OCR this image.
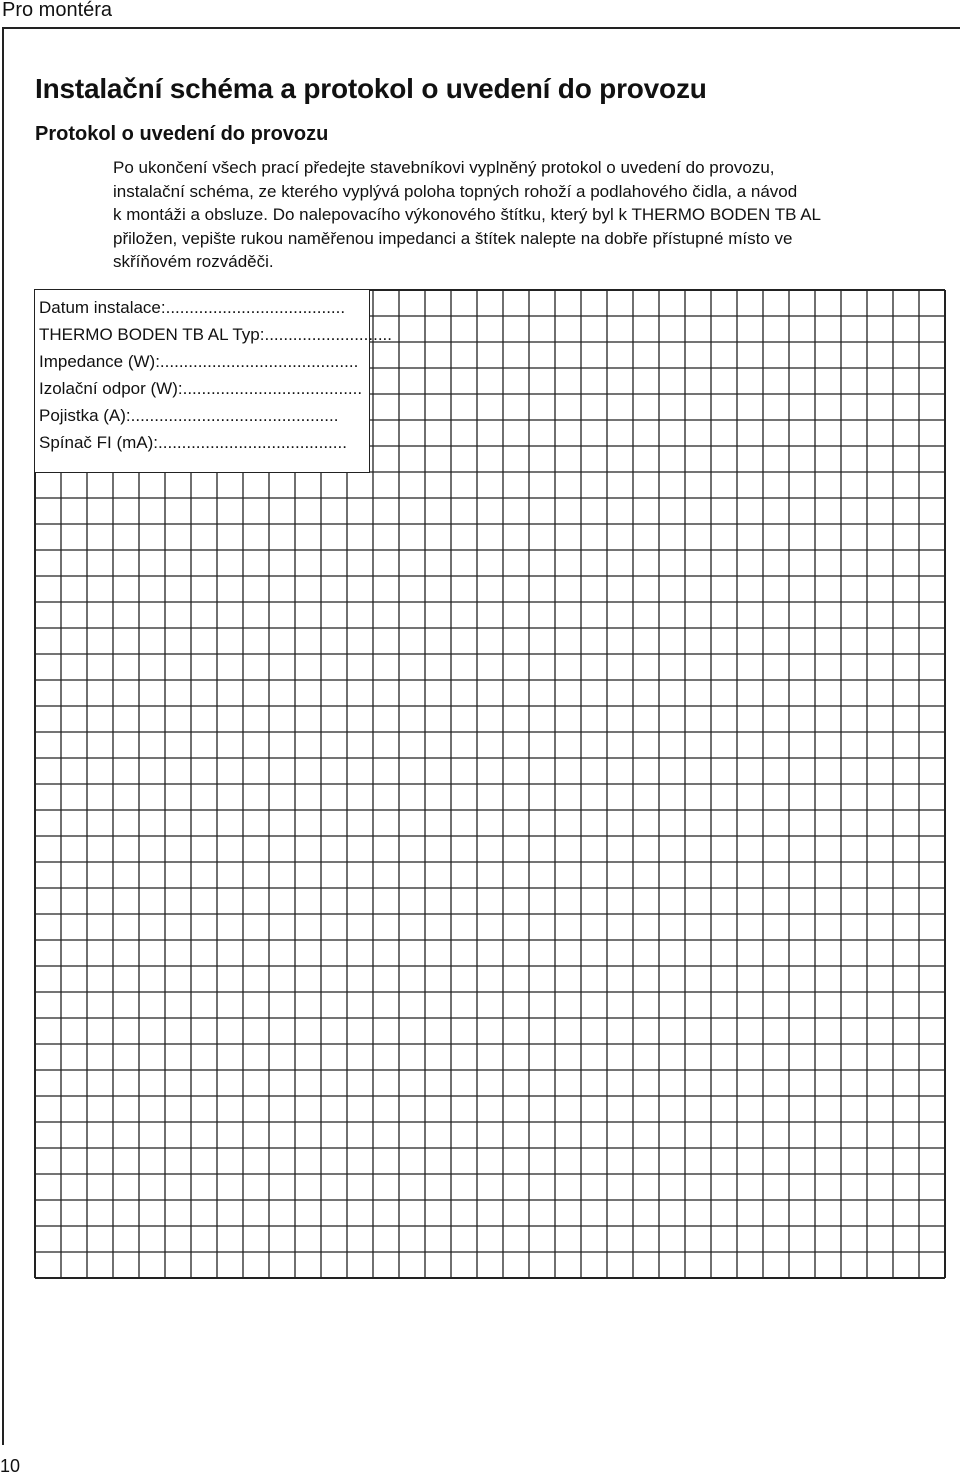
Pro montéra
Instalační schéma a protokol o uvedení do provozu
Protokol o uvedení do provozu
Po ukončení všech prací předejte stavebníkovi vyplněný protokol o uvedení do provozu,
instalační schéma, ze kterého vyplývá poloha topných rohoží a podlahového čidla, a návod
k montáži a obsluze. Do nalepovacího výkonového štítku, který byl k THERMO BODEN TB AL
přiložen, vepište rukou naměřenou impedanci a štítek nalepte na dobře přístupné místo ve
skříňovém rozváděči.
Datum instalace:......................................
THERMO BODEN TB AL Typ:...........................
Impedance (W):..........................................
Izolační odpor (W):......................................
Pojistka (A):............................................
Spínač FI (mA):........................................
10
